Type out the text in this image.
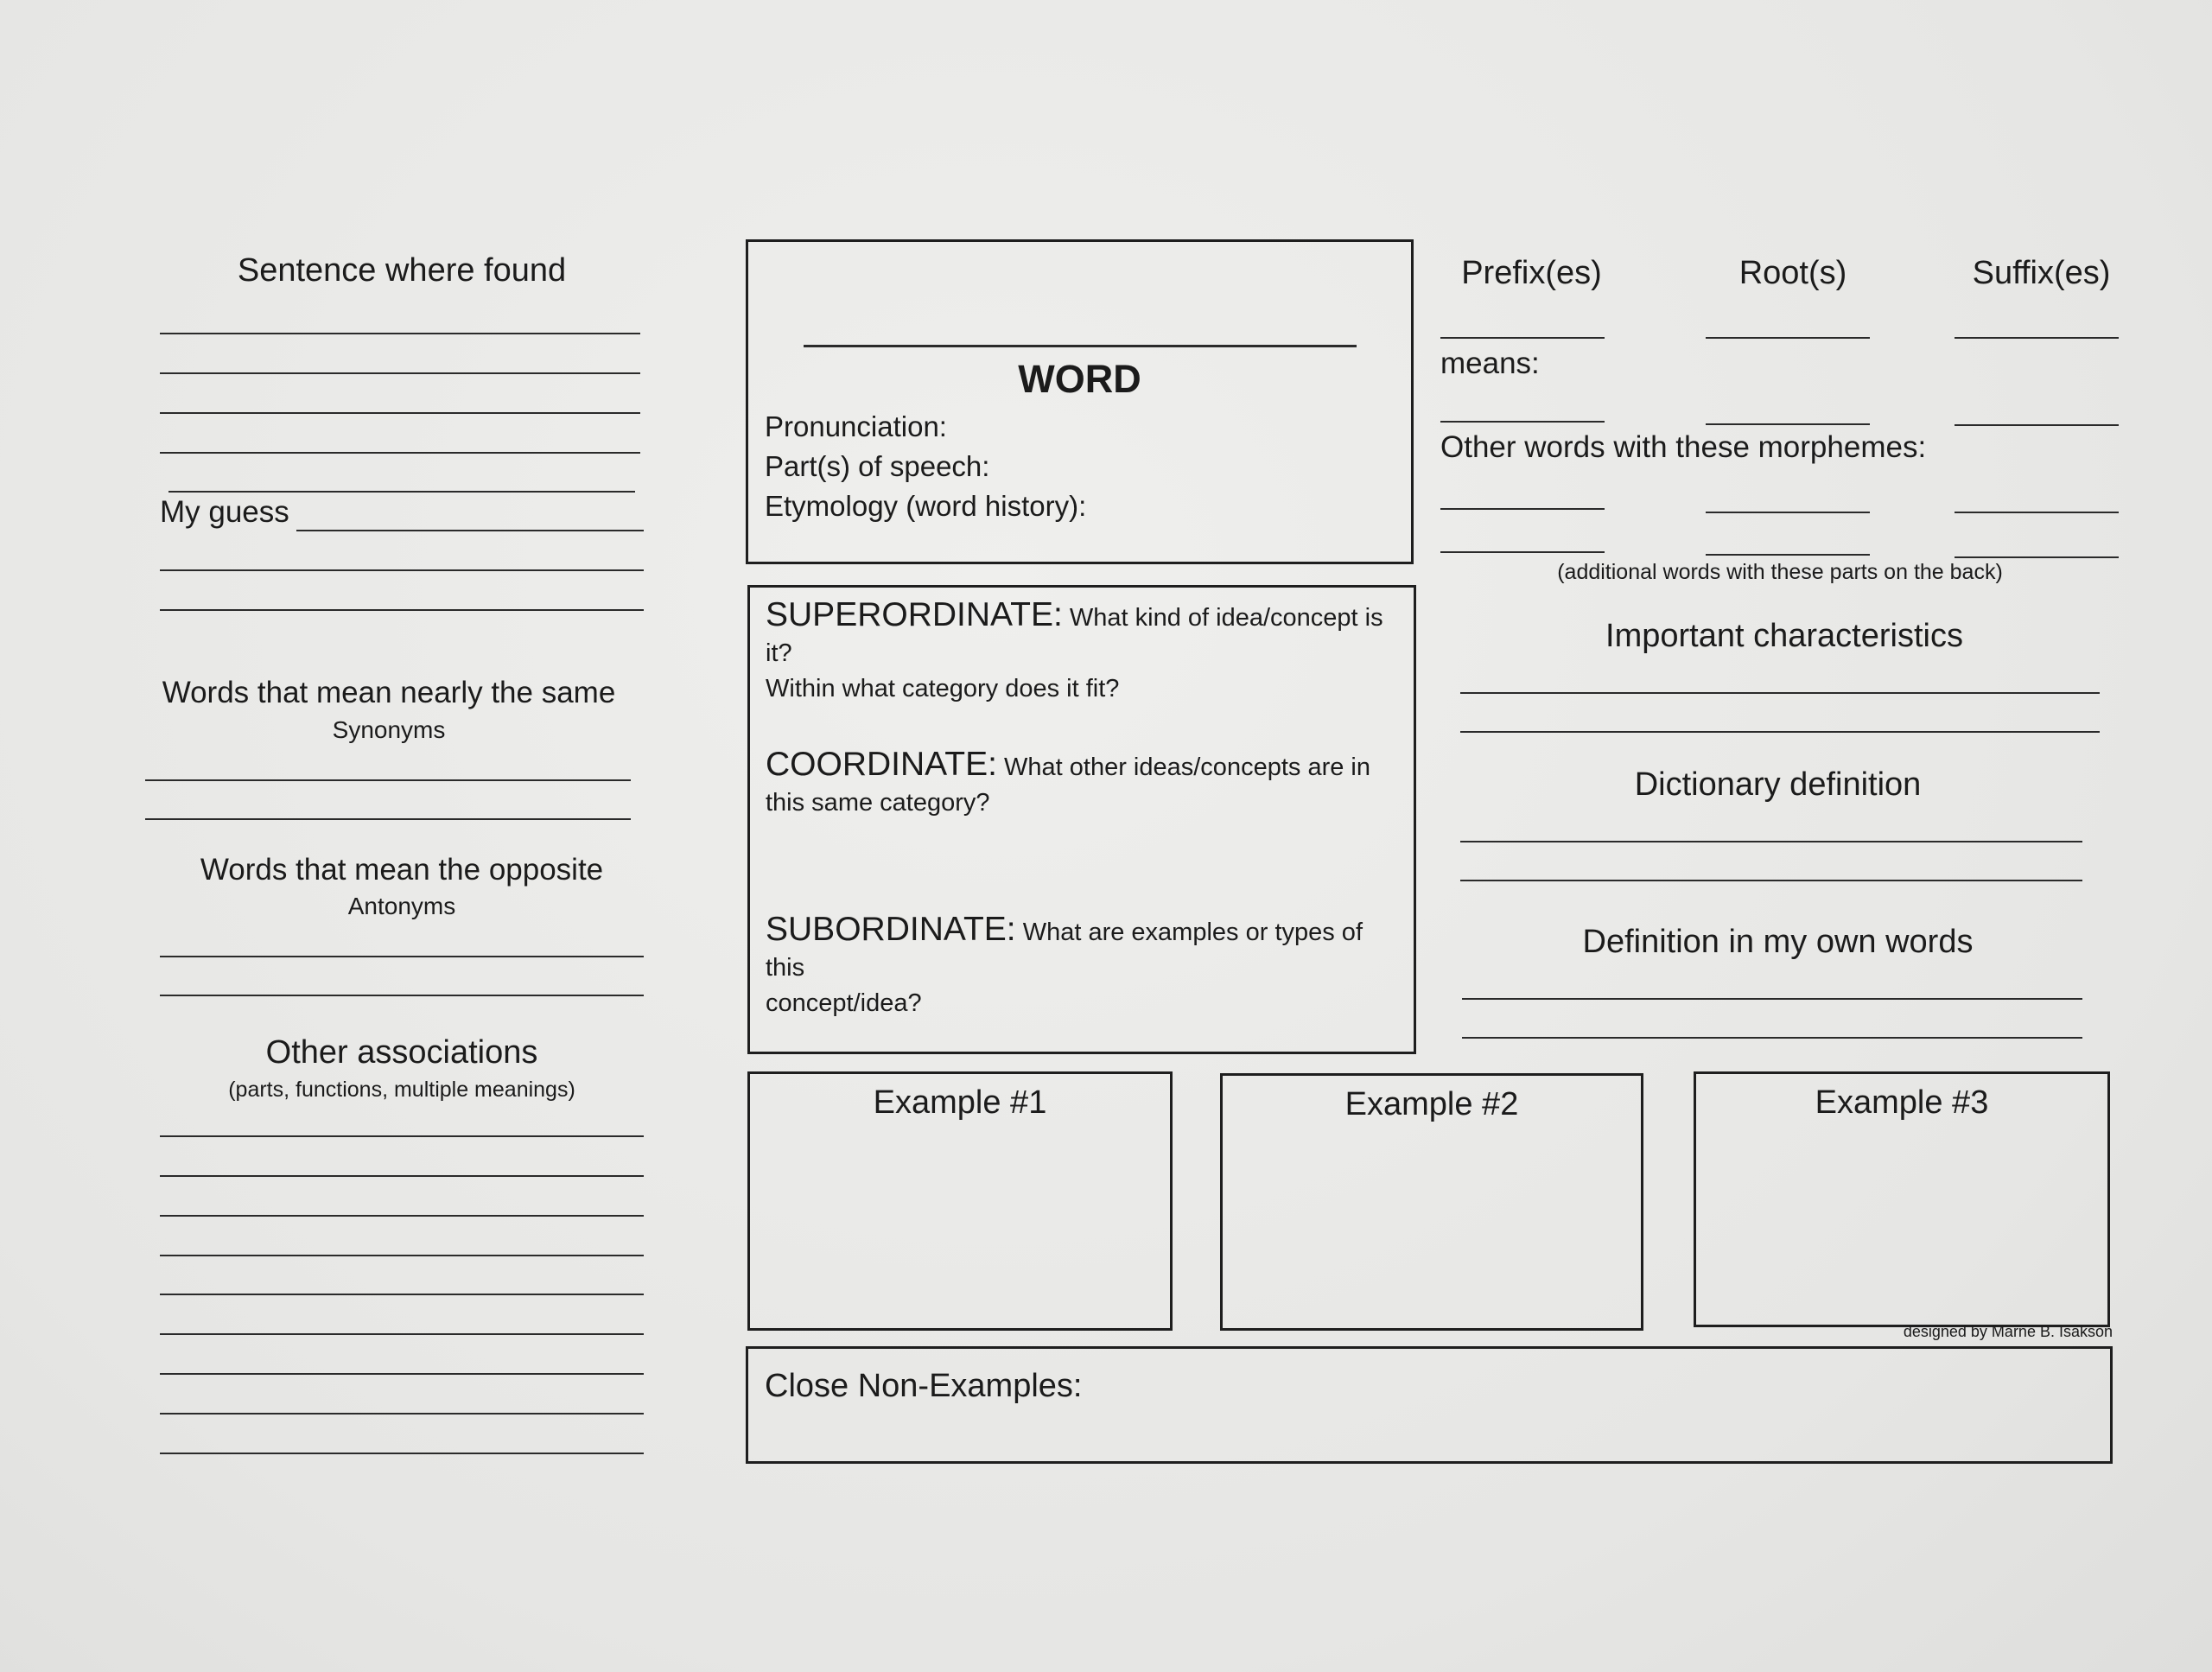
Sentence where found
My guess
Words that mean nearly the same
Synonyms
Words that mean the opposite
Antonyms
Other associations
(parts, functions, multiple meanings)
WORD
Pronunciation:
Part(s) of speech:
Etymology (word history):
SUPERORDINATE: What kind of idea/concept is it?
Within what category does it fit?
COORDINATE: What other ideas/concepts are in
this same category?
SUBORDINATE: What are examples or types of this
concept/idea?
Prefix(es)	Root(s)	Suffix(es)
means:
Other words with these morphemes:
(additional words with these parts on the back)
Important characteristics
Dictionary definition
Definition in my own words
Example #1	Example #2	Example #3
designed by Marne B. Isakson
Close Non-Examples:
